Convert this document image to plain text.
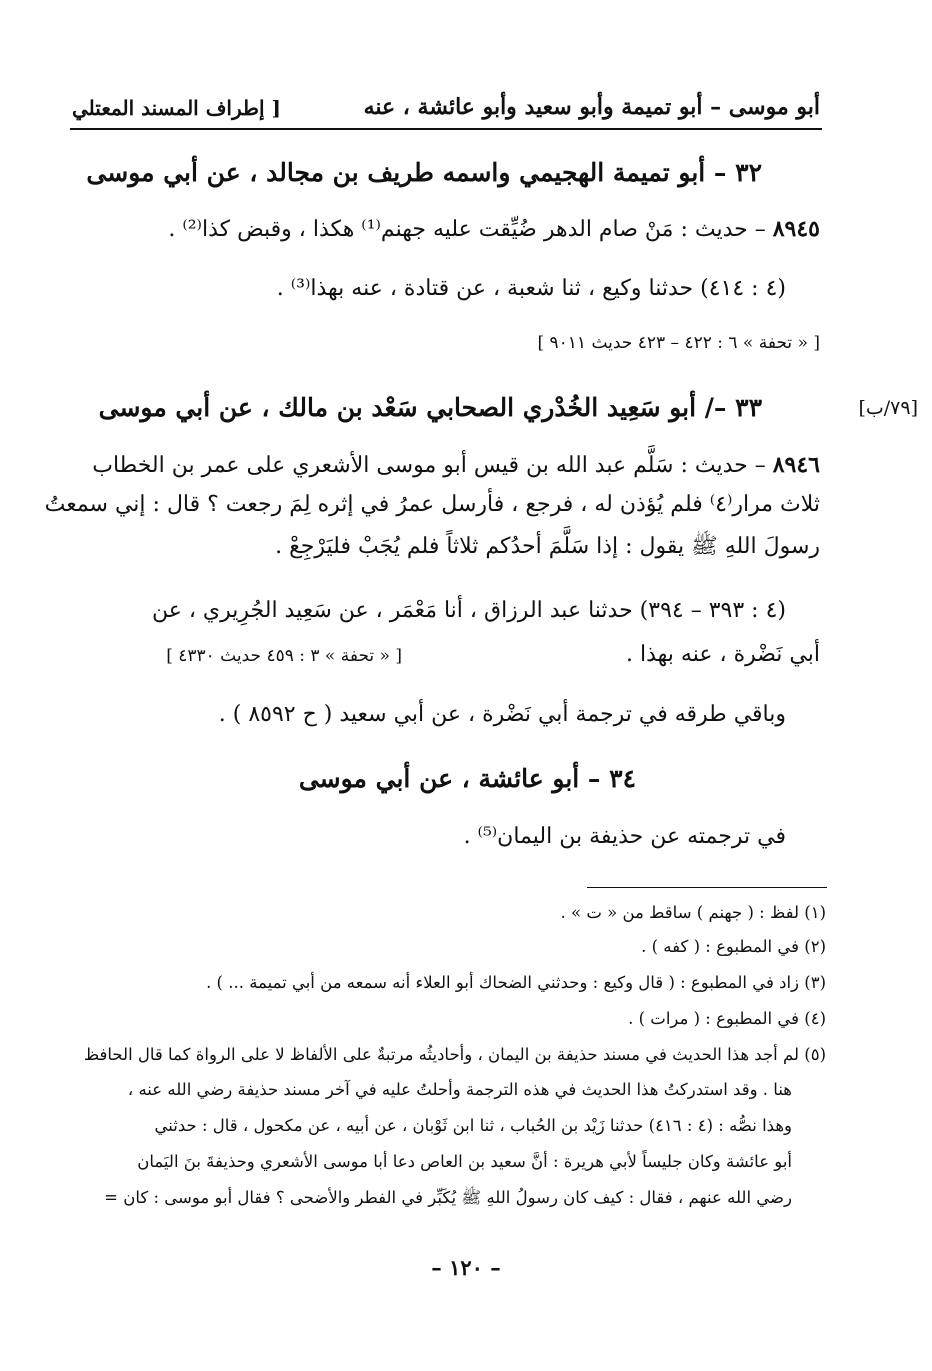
أبو موسى – أبو تميمة وأبو سعيد وأبو عائشة ، عنه
[ إطراف المسند المعتلي
٣٢ – أبو تميمة الهجيمي واسمه طريف بن مجالد ، عن أبي موسى
٨٩٤٥ – حديث : مَنْ صام الدهر ضُيِّقت عليه جهنم⁽¹⁾ هكذا ، وقبض كذا⁽²⁾ .
(٤ : ٤١٤) حدثنا وكيع ، ثنا شعبة ، عن قتادة ، عنه بهذا⁽³⁾ .
[ « تحفة » ٦ : ٤٢٢ – ٤٢٣ حديث ٩٠١١ ]
[٧٩/ب]
٣٣ –/ أبو سَعِيد الخُدْري الصحابي سَعْد بن مالك ، عن أبي موسى
٨٩٤٦ – حديث : سَلَّم عبد الله بن قيس أبو موسى الأشعري على عمر بن الخطاب
ثلاث مرار⁽٤⁾ فلم يُؤذن له ، فرجع ، فأرسل عمرُ في إثره لِمَ رجعت ؟ قال : إني سمعتُ
رسولَ اللهِ ﷺ يقول : إذا سَلَّمَ أحدُكم ثلاثاً فلم يُجَبْ فليَرْجِعْ .
(٤ : ٣٩٣ – ٣٩٤) حدثنا عبد الرزاق ، أنا مَعْمَر ، عن سَعِيد الجُرِيري ، عن
أبي نَضْرة ، عنه بهذا .
[ « تحفة » ٣ : ٤٥٩ حديث ٤٣٣٠ ]
وباقي طرقه في ترجمة أبي نَضْرة ، عن أبي سعيد ( ح ٨٥٩٢ ) .
٣٤ – أبو عائشة ، عن أبي موسى
في ترجمته عن حذيفة بن اليمان⁽⁵⁾ .
(١) لفظ : ( جهنم ) ساقط من « ت » .
(٢) في المطبوع : ( كفه ) .
(٣) زاد في المطبوع : ( قال وكيع : وحدثني الضحاك أبو العلاء أنه سمعه من أبي تميمة ... ) .
(٤) في المطبوع : ( مرات ) .
(٥) لم أجد هذا الحديث في مسند حذيفة بن اليمان ، وأحاديثُه مرتبةٌ على الألفاظ لا على الرواة كما قال الحافظ
هنا . وقد استدركتُ هذا الحديث في هذه الترجمة وأحلتُ عليه في آخر مسند حذيفة رضي الله عنه ،
وهذا نصُّه : (٤ : ٤١٦) حدثنا زَيْد بن الحُباب ، ثنا ابن ثَوْبان ، عن أبيه ، عن مكحول ، قال : حدثني
أبو عائشة وكان جليساً لأبي هريرة : أنَّ سعيد بن العاص دعا أبا موسى الأشعري وحذيفةَ بنَ اليَمان
رضي الله عنهم ، فقال : كيف كان رسولُ اللهِ ﷺ يُكَبِّر في الفطر والأضحى ؟ فقال أبو موسى : كان =
– ١٢٠ –
